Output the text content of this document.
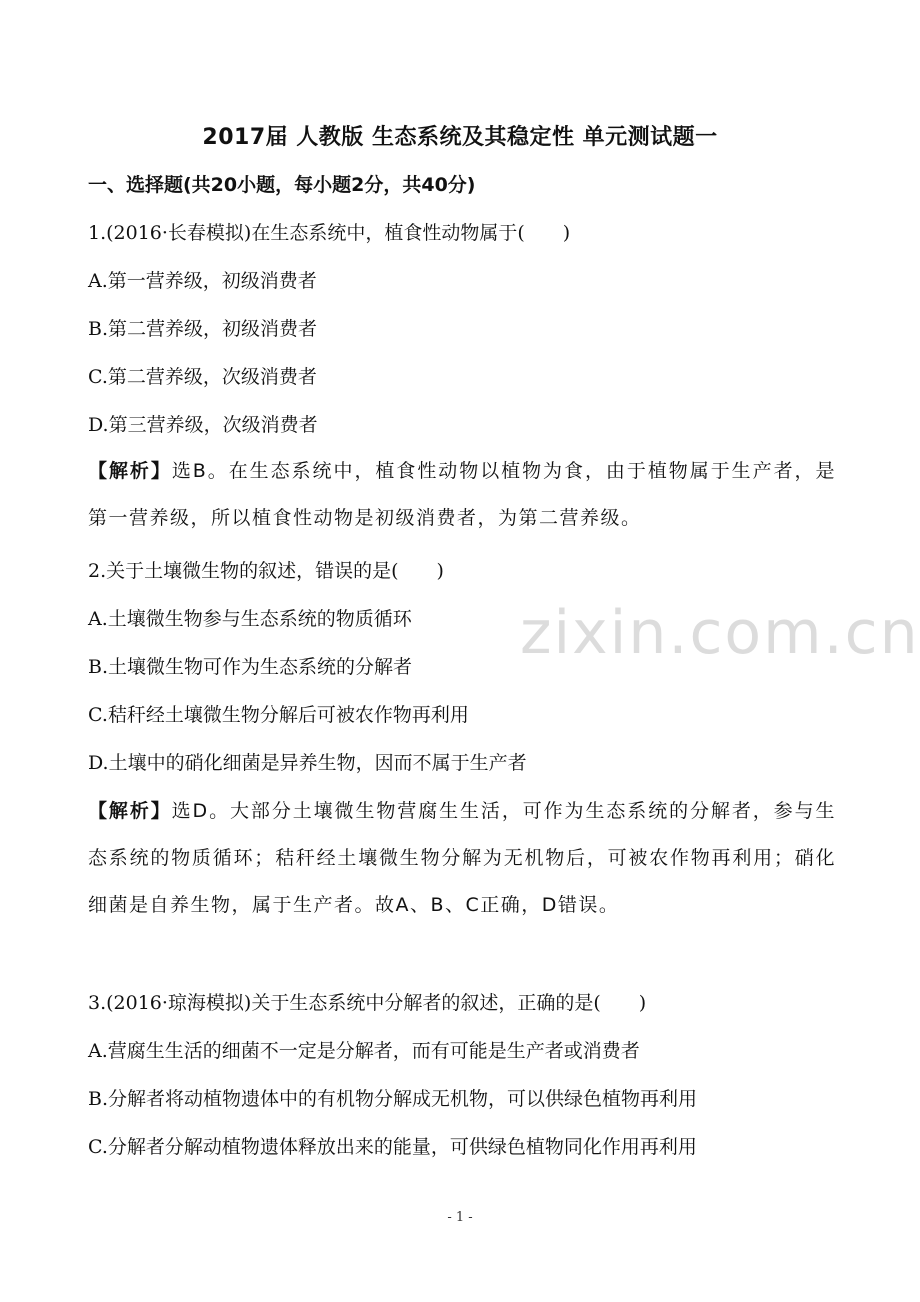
2017届 人教版 生态系统及其稳定性 单元测试题一
一、选择题(共20小题，每小题2分，共40分)
1.(2016·长春模拟)在生态系统中，植食性动物属于(　　)
A.第一营养级，初级消费者
B.第二营养级，初级消费者
C.第二营养级，次级消费者
D.第三营养级，次级消费者
【解析】选B。在生态系统中，植食性动物以植物为食，由于植物属于生产者，是第一营养级，所以植食性动物是初级消费者，为第二营养级。
2.关于土壤微生物的叙述，错误的是(　　)
A.土壤微生物参与生态系统的物质循环
B.土壤微生物可作为生态系统的分解者
C.秸秆经土壤微生物分解后可被农作物再利用
D.土壤中的硝化细菌是异养生物，因而不属于生产者
【解析】选D。大部分土壤微生物营腐生生活，可作为生态系统的分解者，参与生态系统的物质循环；秸秆经土壤微生物分解为无机物后，可被农作物再利用；硝化细菌是自养生物，属于生产者。故A、B、C正确，D错误。
3.(2016·琼海模拟)关于生态系统中分解者的叙述，正确的是(　　)
A.营腐生生活的细菌不一定是分解者，而有可能是生产者或消费者
B.分解者将动植物遗体中的有机物分解成无机物，可以供绿色植物再利用
C.分解者分解动植物遗体释放出来的能量，可供绿色植物同化作用再利用
zixin.com.cn
- 1 -
